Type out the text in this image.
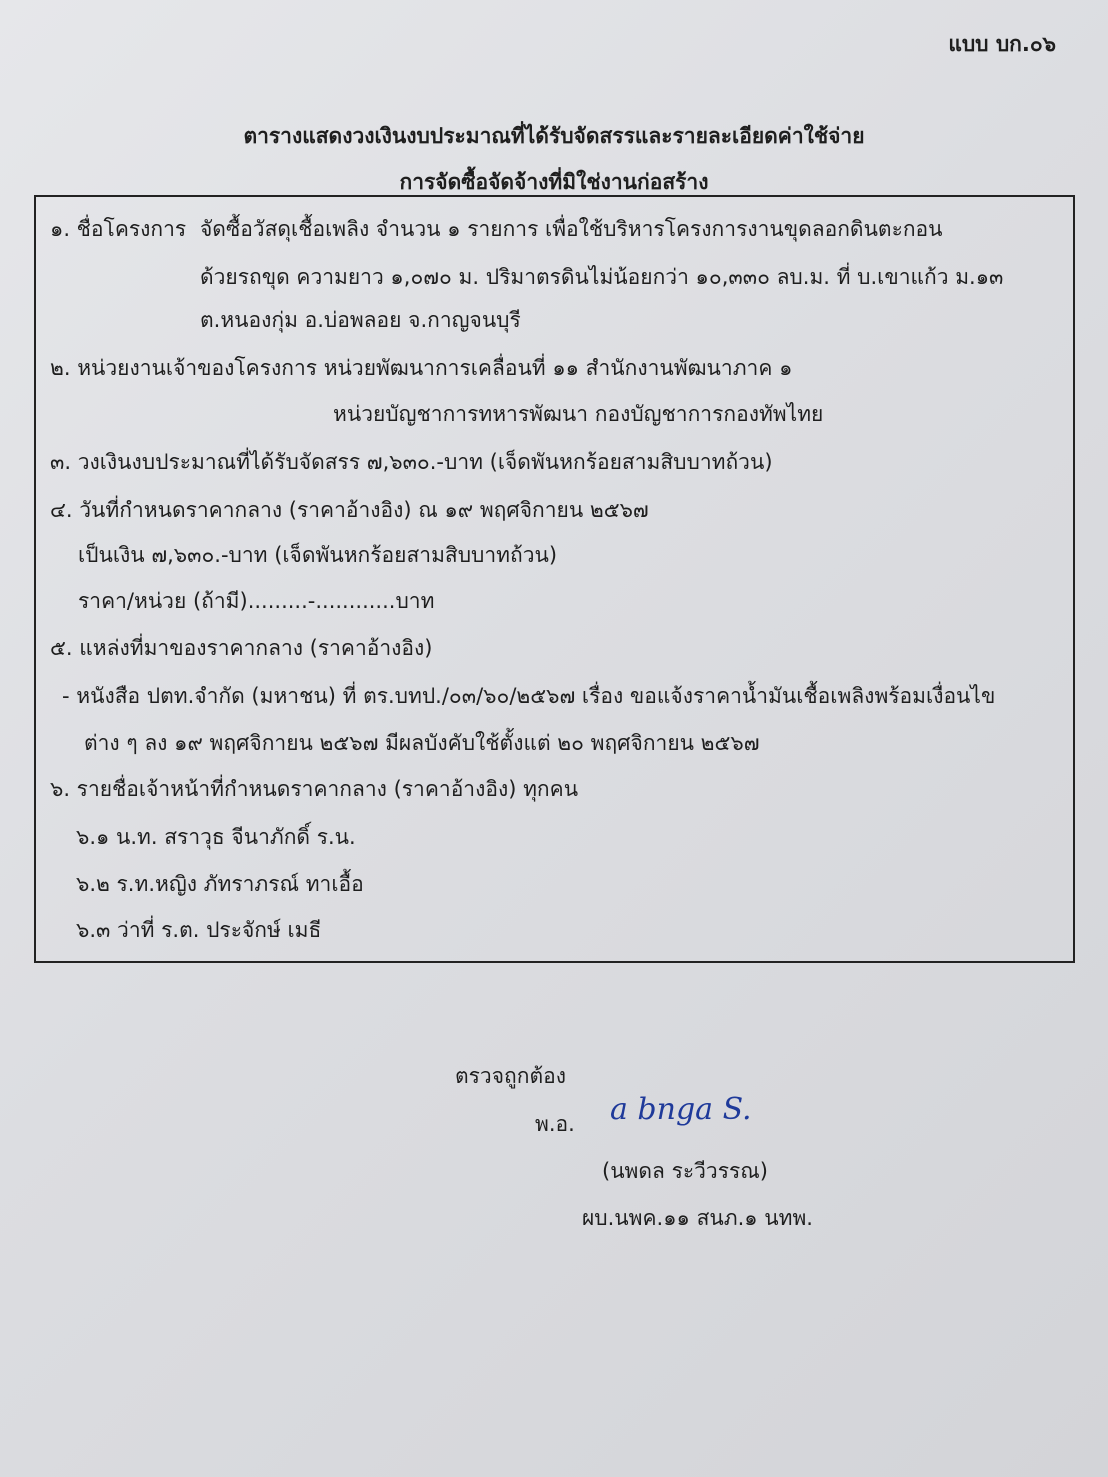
แบบ บก.๐๖
ตารางแสดงวงเงินงบประมาณที่ได้รับจัดสรรและรายละเอียดค่าใช้จ่าย
การจัดซื้อจัดจ้างที่มิใช่งานก่อสร้าง
๑. ชื่อโครงการ จัดซื้อวัสดุเชื้อเพลิง จำนวน ๑ รายการ เพื่อใช้บริหารโครงการงานขุดลอกดินตะกอน
ด้วยรถขุด ความยาว ๑,๐๗๐ ม. ปริมาตรดินไม่น้อยกว่า ๑๐,๓๓๐ ลบ.ม. ที่ บ.เขาแก้ว ม.๑๓
ต.หนองกุ่ม อ.บ่อพลอย จ.กาญจนบุรี
๒. หน่วยงานเจ้าของโครงการ หน่วยพัฒนาการเคลื่อนที่ ๑๑ สำนักงานพัฒนาภาค ๑
หน่วยบัญชาการทหารพัฒนา กองบัญชาการกองทัพไทย
๓. วงเงินงบประมาณที่ได้รับจัดสรร ๗,๖๓๐.-บาท (เจ็ดพันหกร้อยสามสิบบาทถ้วน)
๔. วันที่กำหนดราคากลาง (ราคาอ้างอิง) ณ ๑๙ พฤศจิกายน ๒๕๖๗
เป็นเงิน ๗,๖๓๐.-บาท (เจ็ดพันหกร้อยสามสิบบาทถ้วน)
ราคา/หน่วย (ถ้ามี).........-............บาท
๕. แหล่งที่มาของราคากลาง (ราคาอ้างอิง)
- หนังสือ ปตท.จำกัด (มหาชน) ที่ ตร.บทป./๐๓/๖๐/๒๕๖๗ เรื่อง ขอแจ้งราคาน้ำมันเชื้อเพลิงพร้อมเงื่อนไข
ต่าง ๆ ลง ๑๙ พฤศจิกายน ๒๕๖๗ มีผลบังคับใช้ตั้งแต่ ๒๐ พฤศจิกายน ๒๕๖๗
๖. รายชื่อเจ้าหน้าที่กำหนดราคากลาง (ราคาอ้างอิง) ทุกคน
๖.๑ น.ท. สราวุธ จีนาภักดิ์ ร.น.
๖.๒ ร.ท.หญิง ภัทราภรณ์ ทาเอื้อ
๖.๓ ว่าที่ ร.ต. ประจักษ์ เมธี
ตรวจถูกต้อง
พ.อ. a bnga S.
(นพดล ระวีวรรณ)
ผบ.นพค.๑๑ สนภ.๑ นทพ.
